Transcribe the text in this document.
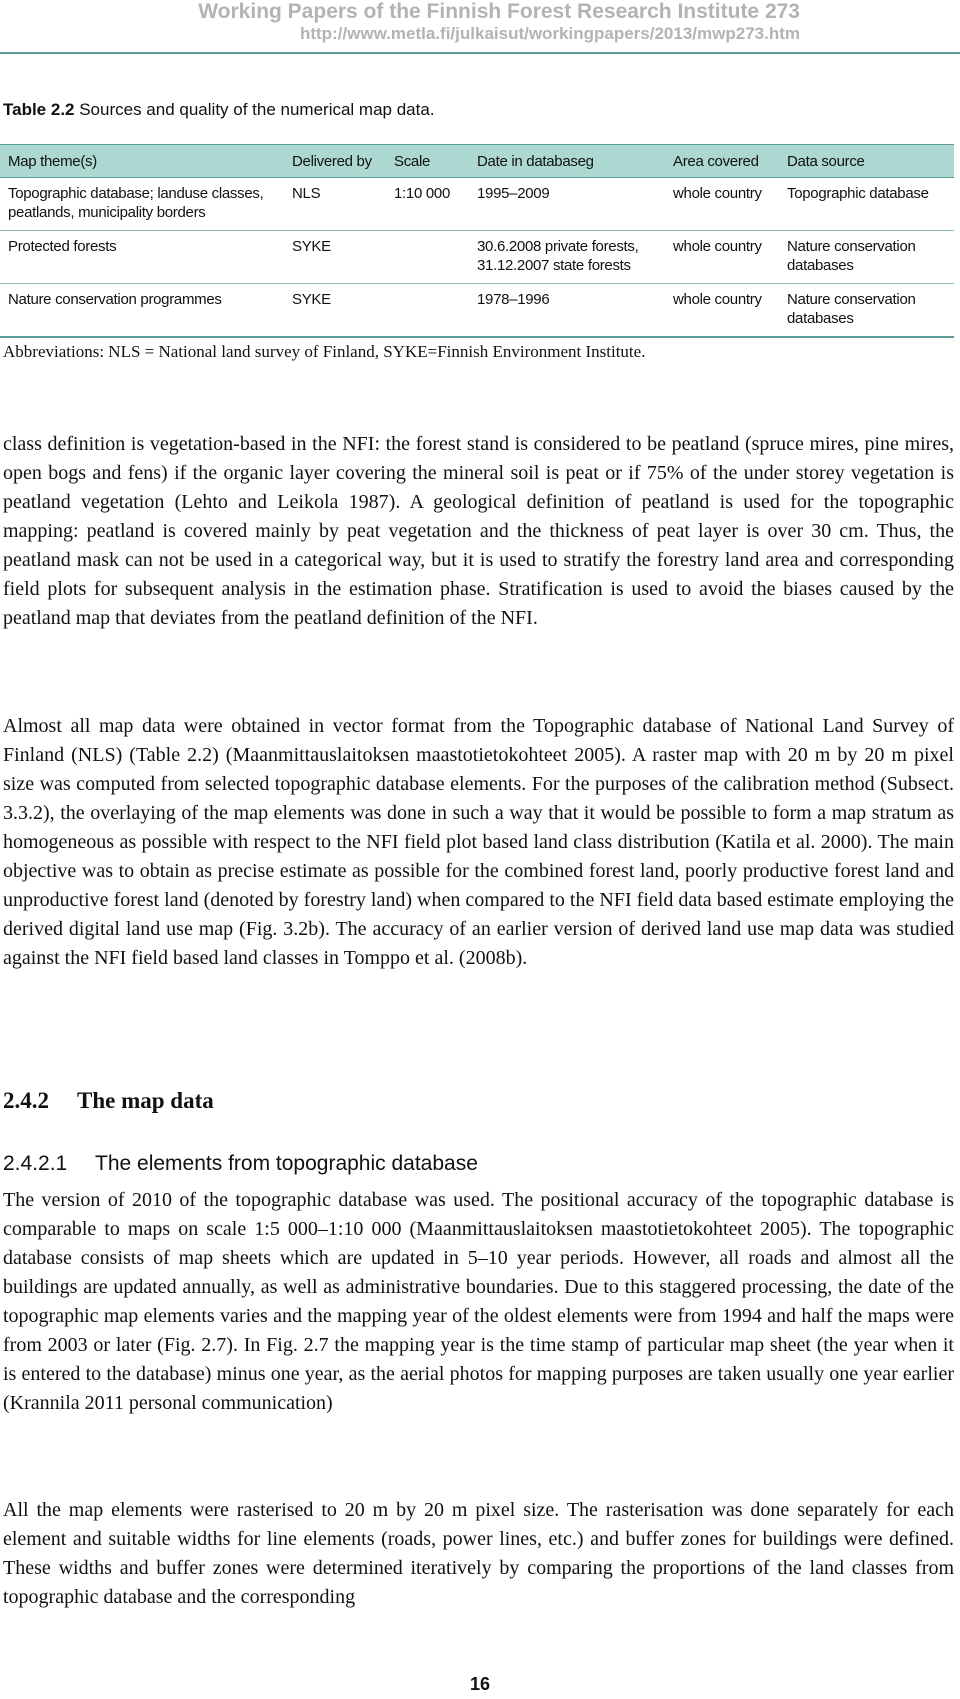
Working Papers of the Finnish Forest Research Institute 273
http://www.metla.fi/julkaisut/workingpapers/2013/mwp273.htm
Table 2.2 Sources and quality of the numerical map data.
Map theme(s)	Delivered by	Scale	Date in databaseg	Area covered	Data source
Topographic database; landuse classes, peatlands, municipality borders	NLS	1:10 000	1995–2009	whole country	Topographic database
Protected forests	SYKE		30.6.2008 private forests, 31.12.2007 state forests	whole country	Nature conservation databases
Nature conservation programmes	SYKE		1978–1996	whole country	Nature conservation databases
Abbreviations: NLS = National land survey of Finland, SYKE=Finnish Environment Institute.

class definition is vegetation-based in the NFI: the forest stand is considered to be peatland (spruce mires, pine mires, open bogs and fens) if the organic layer covering the mineral soil is peat or if 75% of the under storey vegetation is peatland vegetation (Lehto and Leikola 1987). A geological definition of peatland is used for the topographic mapping: peatland is covered mainly by peat vegetation and the thickness of peat layer is over 30 cm. Thus, the peatland mask can not be used in a categorical way, but it is used to stratify the forestry land area and corresponding field plots for subsequent analysis in the estimation phase. Stratification is used to avoid the biases caused by the peatland map that deviates from the peatland definition of the NFI.

Almost all map data were obtained in vector format from the Topographic database of National Land Survey of Finland (NLS) (Table 2.2) (Maanmittauslaitoksen maastotietokohteet 2005). A raster map with 20 m by 20 m pixel size was computed from selected topographic database elements. For the purposes of the calibration method (Subsect. 3.3.2), the overlaying of the map elements was done in such a way that it would be possible to form a map stratum as homogeneous as possible with respect to the NFI field plot based land class distribution (Katila et al. 2000). The main objective was to obtain as precise estimate as possible for the combined forest land, poorly productive forest land and unproductive forest land (denoted by forestry land) when compared to the NFI field data based estimate employing the derived digital land use map (Fig. 3.2b). The accuracy of an earlier version of derived land use map data was studied against the NFI field based land classes in Tomppo et al. (2008b).

2.4.2 The map data
2.4.2.1 The elements from topographic database

The version of 2010 of the topographic database was used. The positional accuracy of the topographic database is comparable to maps on scale 1:5 000–1:10 000 (Maanmittauslaitoksen maastotietokohteet 2005). The topographic database consists of map sheets which are updated in 5–10 year periods. However, all roads and almost all the buildings are updated annually, as well as administrative boundaries. Due to this staggered processing, the date of the topographic map elements varies and the mapping year of the oldest elements were from 1994 and half the maps were from 2003 or later (Fig. 2.7). In Fig. 2.7 the mapping year is the time stamp of particular map sheet (the year when it is entered to the database) minus one year, as the aerial photos for mapping purposes are taken usually one year earlier (Krannila 2011 personal communication)

All the map elements were rasterised to 20 m by 20 m pixel size. The rasterisation was done separately for each element and suitable widths for line elements (roads, power lines, etc.) and buffer zones for buildings were defined. These widths and buffer zones were determined iteratively by comparing the proportions of the land classes from topographic database and the corresponding

16
